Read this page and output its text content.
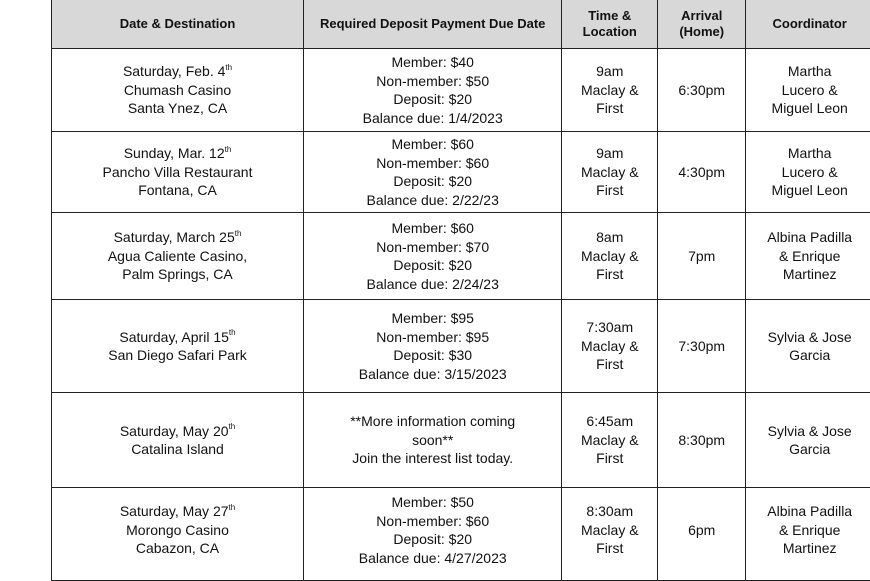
Date & Destination	Required Deposit Payment Due Date	Time & Location	Arrival (Home)	Coordinator

Saturday, Feb. 4th
Chumash Casino
Santa Ynez, CA	Member: $40
Non-member: $50
Deposit: $20
Balance due: 1/4/2023	9am
Maclay &
First	6:30pm	Martha
Lucero &
Miguel Leon

Sunday, Mar. 12th
Pancho Villa Restaurant
Fontana, CA	Member: $60
Non-member: $60
Deposit: $20
Balance due: 2/22/23	9am
Maclay &
First	4:30pm	Martha
Lucero &
Miguel Leon

Saturday, March 25th
Agua Caliente Casino,
Palm Springs, CA	Member: $60
Non-member: $70
Deposit: $20
Balance due: 2/24/23	8am
Maclay &
First	7pm	Albina Padilla
& Enrique
Martinez

Saturday, April 15th
San Diego Safari Park	Member: $95
Non-member: $95
Deposit: $30
Balance due: 3/15/2023	7:30am
Maclay &
First	7:30pm	Sylvia & Jose
Garcia

Saturday, May 20th
Catalina Island	**More information coming
soon**
Join the interest list today.	6:45am
Maclay &
First	8:30pm	Sylvia & Jose
Garcia

Saturday, May 27th
Morongo Casino
Cabazon, CA	Member: $50
Non-member: $60
Deposit: $20
Balance due: 4/27/2023	8:30am
Maclay &
First	6pm	Albina Padilla
& Enrique
Martinez
